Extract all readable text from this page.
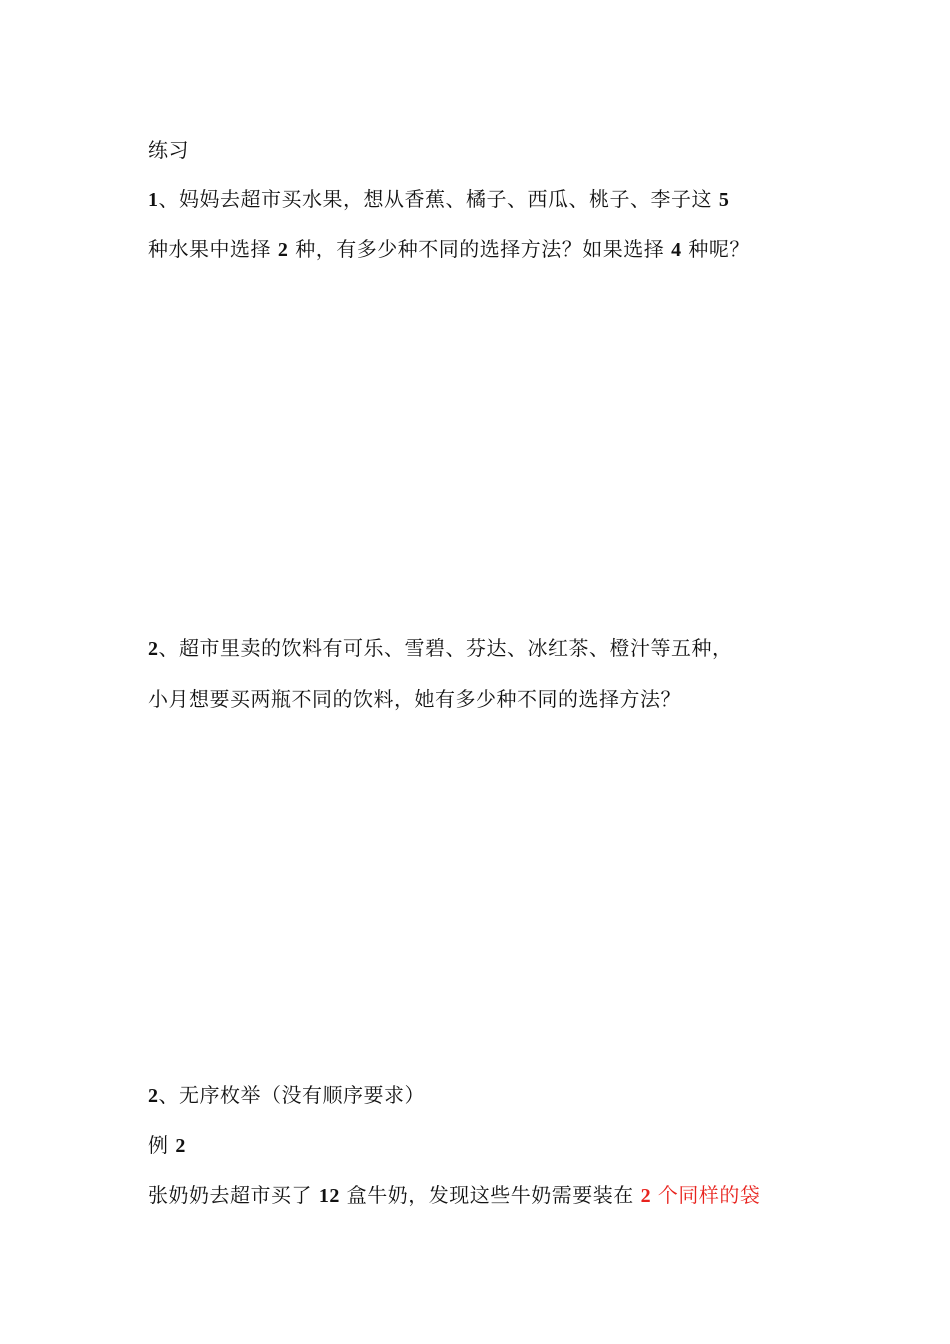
练习
1、妈妈去超市买水果，想从香蕉、橘子、西瓜、桃子、李子这 5
种水果中选择 2 种，有多少种不同的选择方法？如果选择 4 种呢？
2、超市里卖的饮料有可乐、雪碧、芬达、冰红茶、橙汁等五种，
小月想要买两瓶不同的饮料，她有多少种不同的选择方法？
2、无序枚举（没有顺序要求）
例 2
张奶奶去超市买了 12 盒牛奶，发现这些牛奶需要装在 2 个同样的袋
